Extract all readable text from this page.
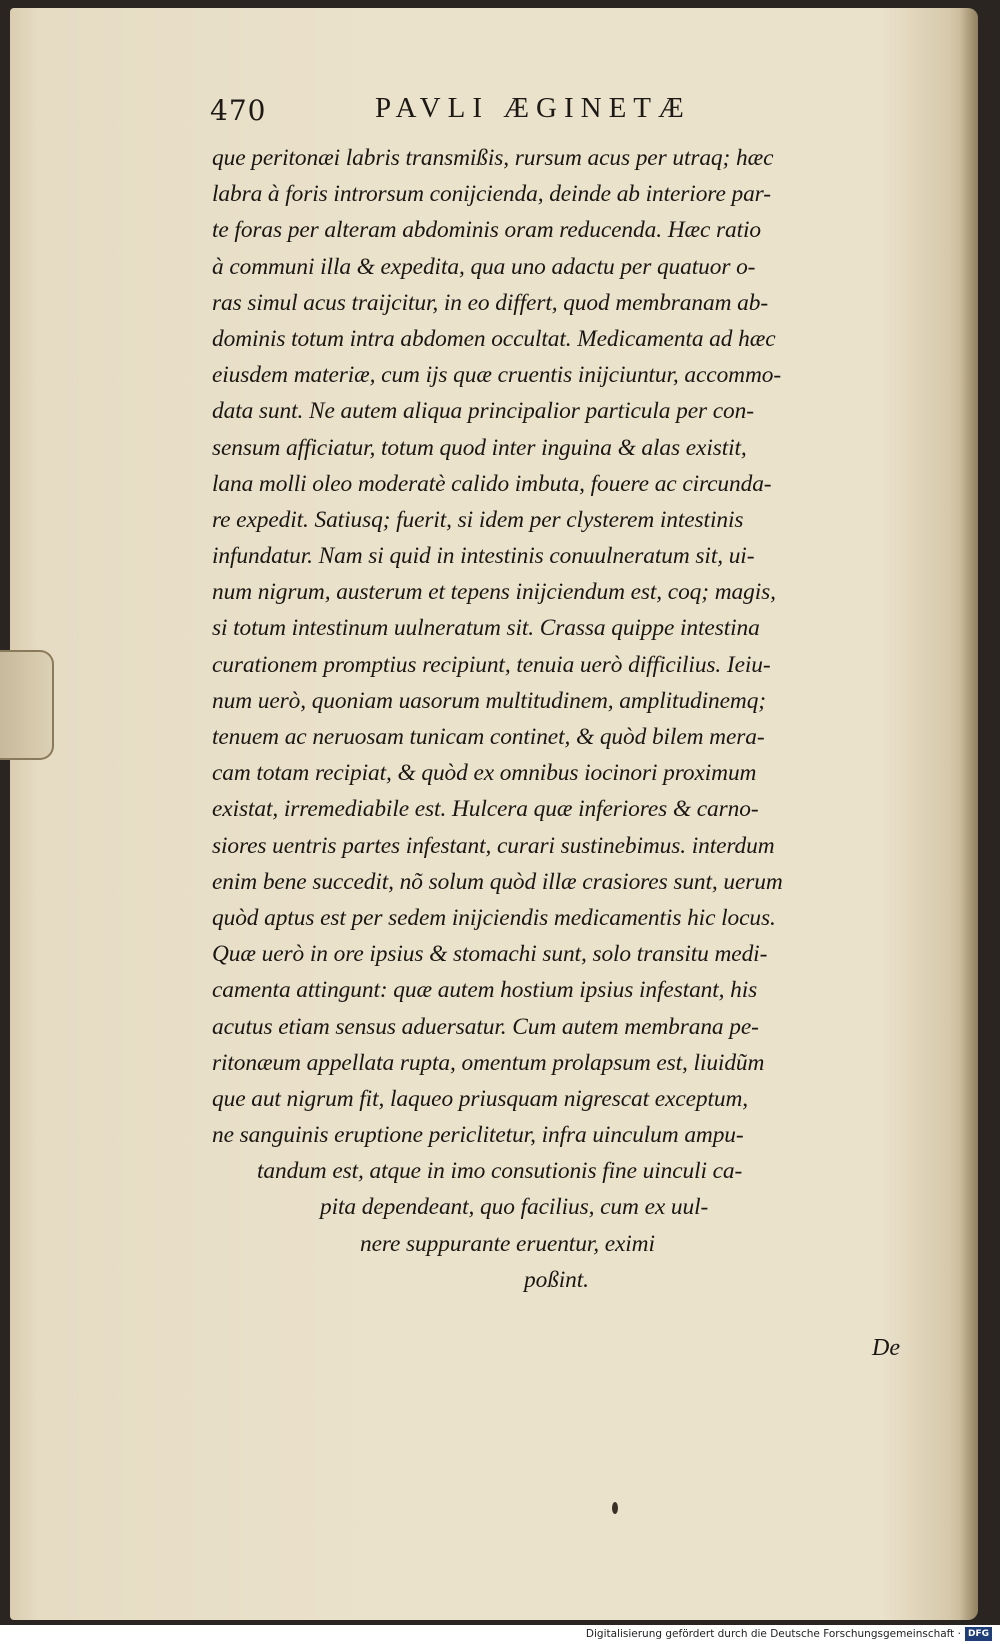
470	PAVLI ÆGINETÆ
que peritonæi labris transmißis, rursum acus per utraq; hæc
labra à foris introrsum conijcienda, deinde ab interiore par-
te foras per alteram abdominis oram reducenda. Hæc ratio
à communi illa & expedita, qua uno adactu per quatuor o-
ras simul acus traijcitur, in eo differt, quod membranam ab-
dominis totum intra abdomen occultat. Medicamenta ad hæc
eiusdem materiæ, cum ijs quæ cruentis iniјciuntur, accommo-
data sunt. Ne autem aliqua principalior particula per con-
sensum afficiatur, totum quod inter inguina & alas existit,
lana molli oleo moderatè calido imbuta, fouere ac circunda-
re expedit. Satiusq; fuerit, si idem per clysterem intestinis
infundatur. Nam si quid in intestinis conuulneratum sit, ui-
num nigrum, austerum et tepens iniјciendum est, coq; magis,
si totum intestinum uulneratum sit. Crassa quippe intestina
curationem promptius recipiunt, tenuia uerò difficilius. Ieiu-
num uerò, quoniam uasorum multitudinem, amplitudinemq;
tenuem ac neruosam tunicam continet, & quòd bilem mera-
cam totam recipiat, & quòd ex omnibus iocinori proximum
existat, irremediabile est. Hulcera quæ inferiores & carno-
siores uentris partes infestant, curari sustinebimus. interdum
enim bene succedit, nõ solum quòd illæ crasiores sunt, uerum
quòd aptus est per sedem iniјciendis medicamentis hic locus.
Quæ uerò in ore ipsius & stomachi sunt, solo transitu medi-
camenta attingunt: quæ autem hostium ipsius infestant, his
acutus etiam sensus aduersatur. Cum autem membrana pe-
ritonæum appellata rupta, omentum prolapsum est, liuidũm
que aut nigrum fit, laqueo priusquam nigrescat exceptum,
ne sanguinis eruptione periclitetur, infra uinculum ampu-
tandum est, atque in imo consutionis fine uinculi ca-
pita dependeant, quo facilius, cum ex uul-
nere suppurante eruentur, eximi
poßint.
De
Digitalisierung gefördert durch die Deutsche Forschungsgemeinschaft · DFG
